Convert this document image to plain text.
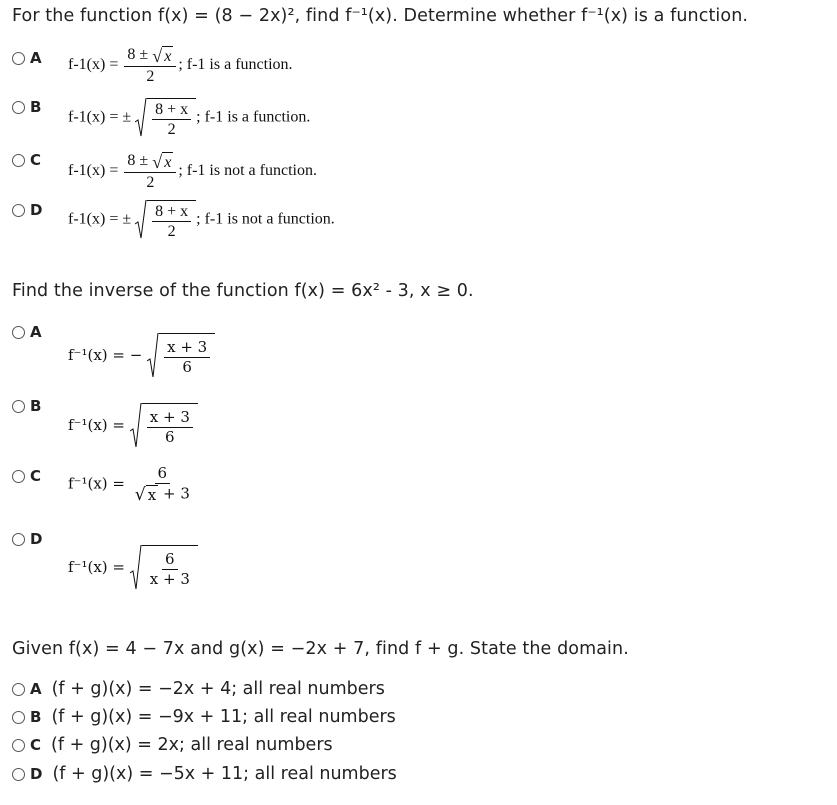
For the function f(x) = (8 − 2x)², find f⁻¹(x). Determine whether f⁻¹(x) is a function.
A $f-1(x) = \frac{8 \pm √ x}{2}$ ; f-1 is a function.
B
f-1(x) = ± $\frac{8 + x}{2}$ ; f-1 is a function.
C
$f-1(x) = \frac{8 \pm √ x}{2}$ ; f-1 is not a function.
D
f-1(x) = ± $\frac{8 + x}{2}$ ; f-1 is not a function.
Find the inverse of the function f(x) = 6x² - 3, x ≥ 0.
A
f⁻¹(x) = − $\frac{x + 3}{6}$
B
$f^{-1}(x) = \frac{x + 3}{6}$
C $f^{-1}(x) = \frac{6}{√ x + 3}$
D
$f^{-1}(x) = \frac{6}{x + 3}$
Given f(x) = 4 − 7x and g(x) = −2x + 7, find f + g. State the domain.
A (f + g)(x) = −2x + 4; all real numbers
B (f + g)(x) = −9x + 11; all real numbers
C (f + g)(x) = 2x; all real numbers
D (f + g)(x) = −5x + 11; all real numbers
